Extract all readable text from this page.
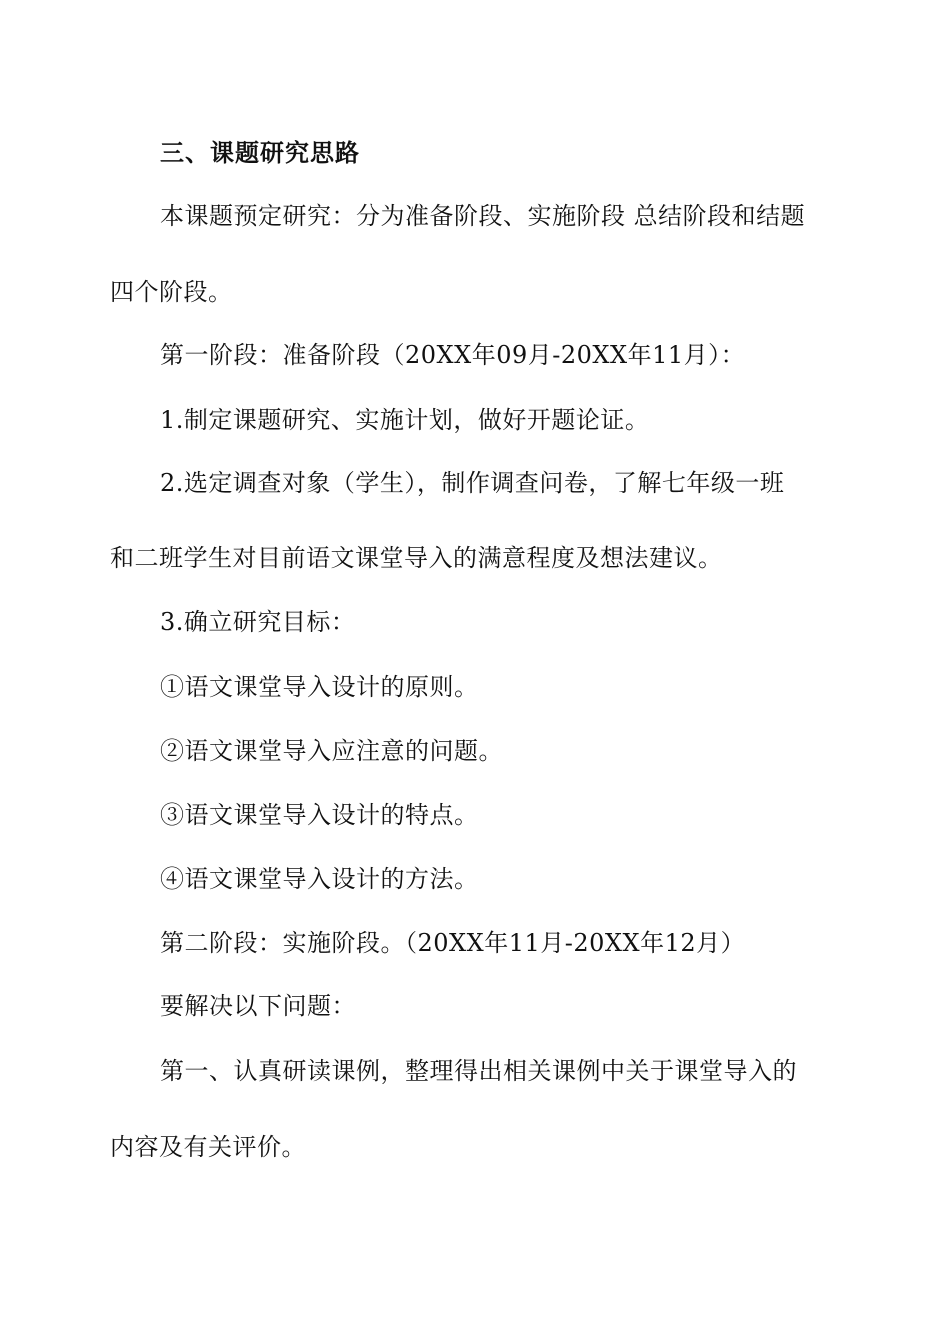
三、课题研究思路
本课题预定研究：分为准备阶段、实施阶段 总结阶段和结题
四个阶段。
第一阶段：准备阶段（20XX年09月-20XX年11月）：
1.制定课题研究、实施计划，做好开题论证。
2.选定调查对象（学生），制作调查问卷，了解七年级一班
和二班学生对目前语文课堂导入的满意程度及想法建议。
3.确立研究目标：
①语文课堂导入设计的原则。
②语文课堂导入应注意的问题。
③语文课堂导入设计的特点。
④语文课堂导入设计的方法。
第二阶段：实施阶段。（20XX年11月-20XX年12月）
要解决以下问题：
第一、认真研读课例，整理得出相关课例中关于课堂导入的
内容及有关评价。
